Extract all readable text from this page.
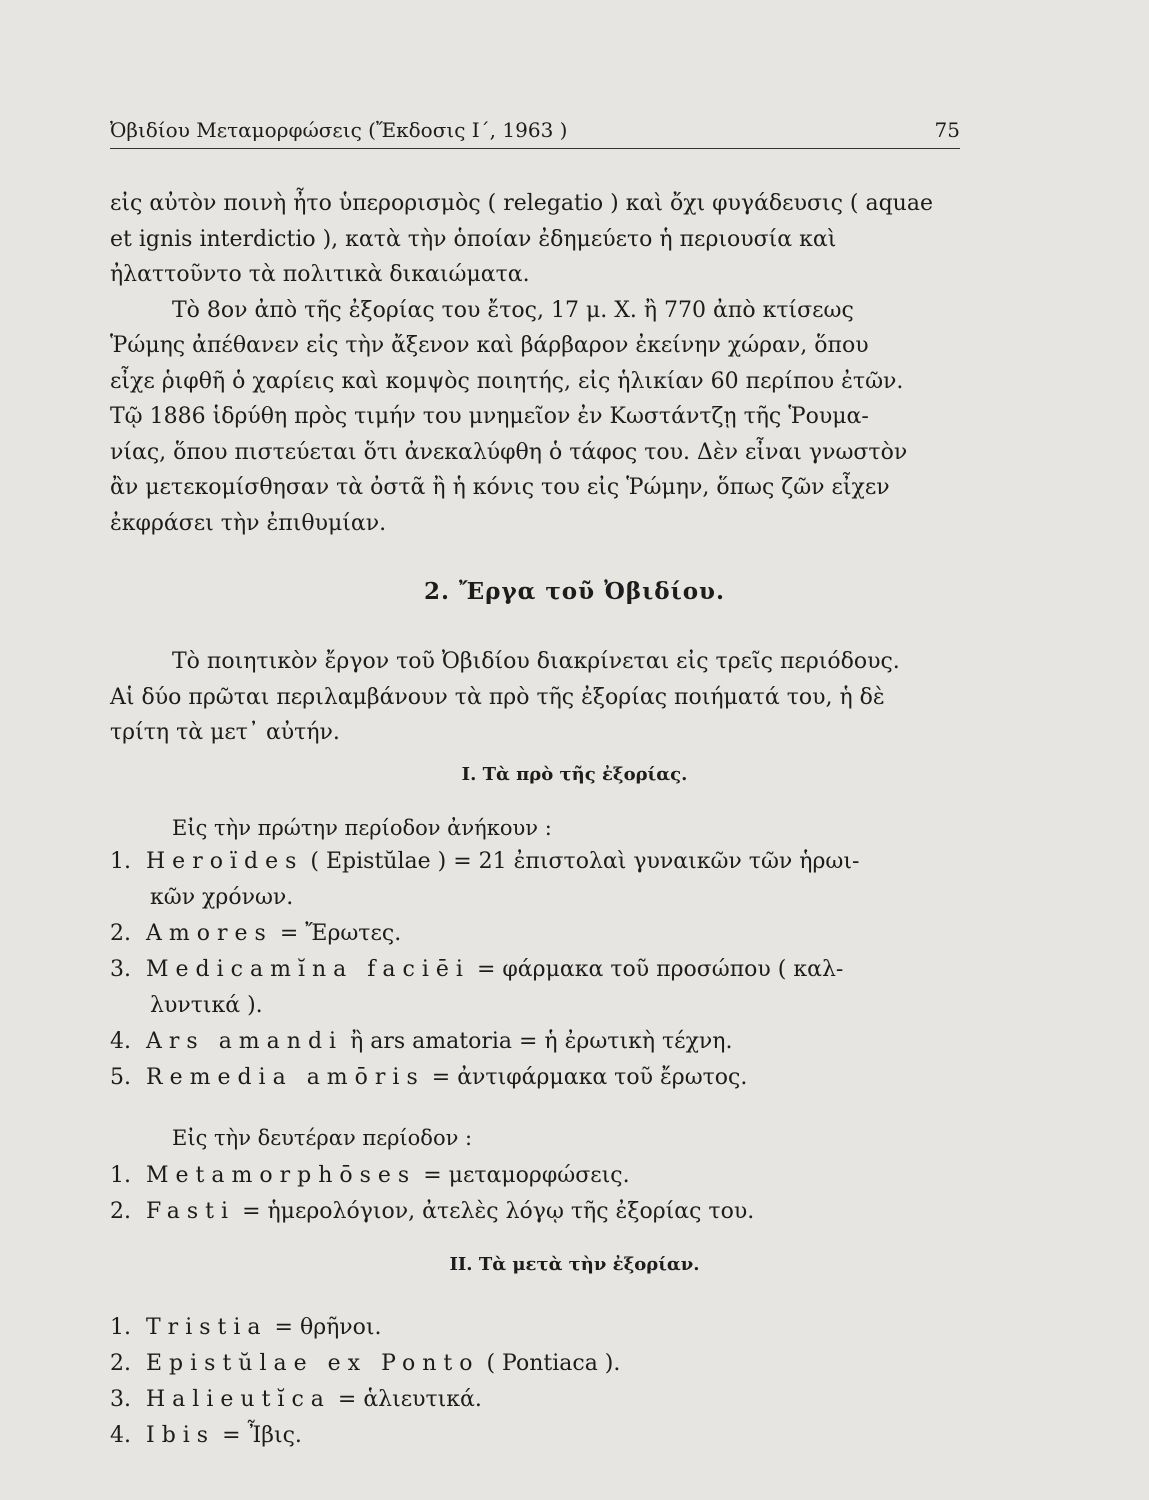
Ὀβιδίου Μεταμορφώσεις (Ἔκδοσις Ι΄, 1963 )	75
εἰς αὐτὸν ποινὴ ἦτο ὑπερορισμὸς ( relegatio ) καὶ ὄχι φυγάδευσις ( aquae
et ignis interdictio ), κατὰ τὴν ὁποίαν ἐδημεύετο ἡ περιουσία καὶ
ἠλαττοῦντο τὰ πολιτικὰ δικαιώματα.
Τὸ 8ον ἀπὸ τῆς ἐξορίας του ἔτος, 17 μ. Χ. ἢ 770 ἀπὸ κτίσεως
Ῥώμης ἀπέθανεν εἰς τὴν ἄξενον καὶ βάρβαρον ἐκείνην χώραν, ὅπου
εἶχε ῥιφθῆ ὁ χαρίεις καὶ κομψὸς ποιητής, εἰς ἡλικίαν 60 περίπου ἐτῶν.
Τῷ 1886 ἱδρύθη πρὸς τιμήν του μνημεῖον ἐν Κωστάντζῃ τῆς Ῥουμα-
νίας, ὅπου πιστεύεται ὅτι ἀνεκαλύφθη ὁ τάφος του. Δὲν εἶναι γνωστὸν
ἂν μετεκομίσθησαν τὰ ὀστᾶ ἢ ἡ κόνις του εἰς Ῥώμην, ὅπως ζῶν εἶχεν
ἐκφράσει τὴν ἐπιθυμίαν.
2. Ἔργα τοῦ Ὀβιδίου.
Τὸ ποιητικὸν ἔργον τοῦ Ὀβιδίου διακρίνεται εἰς τρεῖς περιόδους.
Αἱ δύο πρῶται περιλαμβάνουν τὰ πρὸ τῆς ἐξορίας ποιήματά του, ἡ δὲ
τρίτη τὰ μετ᾽ αὐτήν.
I. Τὰ πρὸ τῆς ἐξορίας.
Εἰς τὴν πρώτην περίοδον ἀνήκουν :
1. Heroïdes ( Epistŭlae ) = 21 ἐπιστολαὶ γυναικῶν τῶν ἡρωι-
κῶν χρόνων.
2. Amores = Ἔρωτες.
3. Medicamĭna faciēi = φάρμακα τοῦ προσώπου ( καλ-
λυντικά ).
4. Ars amandi ἢ ars amatoria = ἡ ἐρωτικὴ τέχνη.
5. Remedia amōris = ἀντιφάρμακα τοῦ ἔρωτος.
Εἰς τὴν δευτέραν περίοδον :
1. Metamorphōses = μεταμορφώσεις.
2. Fasti = ἡμερολόγιον, ἀτελὲς λόγῳ τῆς ἐξορίας του.
II. Τὰ μετὰ τὴν ἐξορίαν.
1. Tristia = θρῆνοι.
2. Epistŭlae ex Ponto ( Pontiaca ).
3. Halieutĭca = ἁλιευτικά.
4. Ibis = Ἶβις.
